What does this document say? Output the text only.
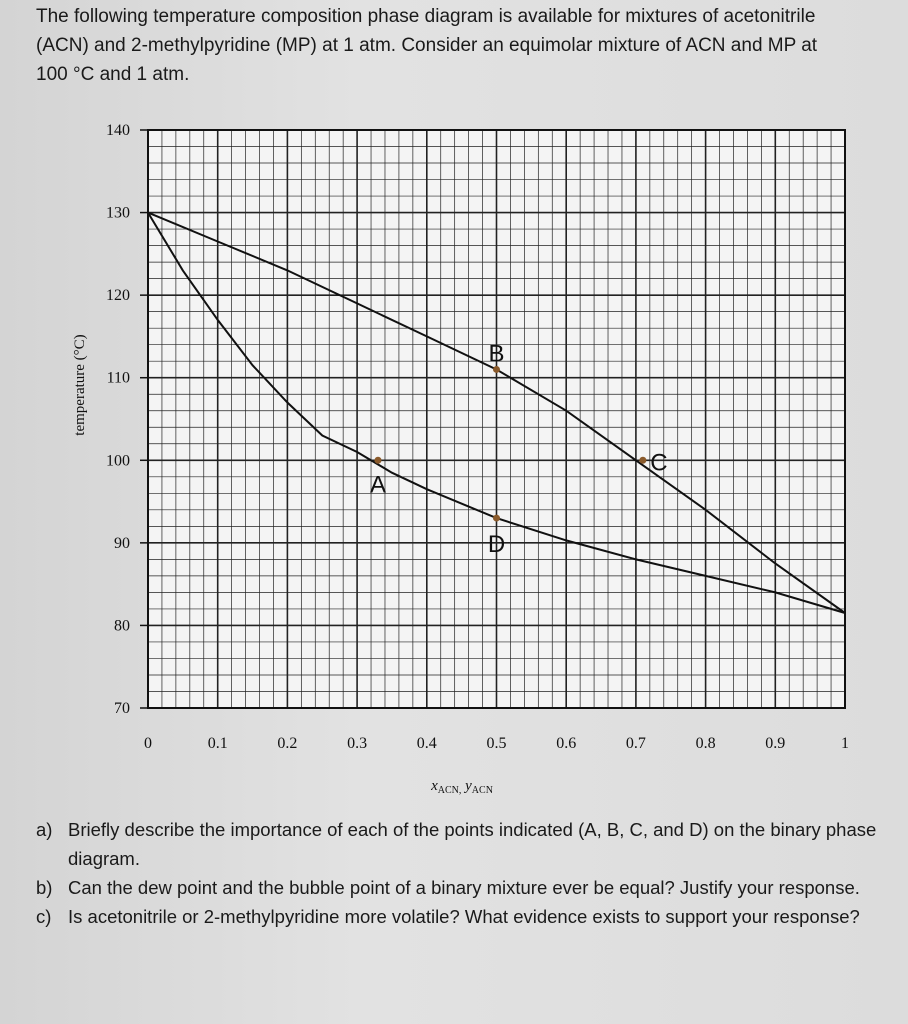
The following temperature composition phase diagram is available for mixtures of acetonitrile
(ACN) and 2-methylpyridine (MP) at 1 atm. Consider an equimolar mixture of ACN and MP at
100 °C and 1 atm.

70
80
90
100
110
120
130
140
0	0.1	0.2	0.3	0.4	0.5	0.6	0.7	0.8	0.9	1
A
B
C
D
temperature (°C)
$x_{ACN,}$ $y_{ACN}$
a) Briefly describe the importance of each of the points indicated (A, B, C, and D) on the binary phase diagram.
b) Can the dew point and the bubble point of a binary mixture ever be equal? Justify your response.
c) Is acetonitrile or 2-methylpyridine more volatile? What evidence exists to support your response?
